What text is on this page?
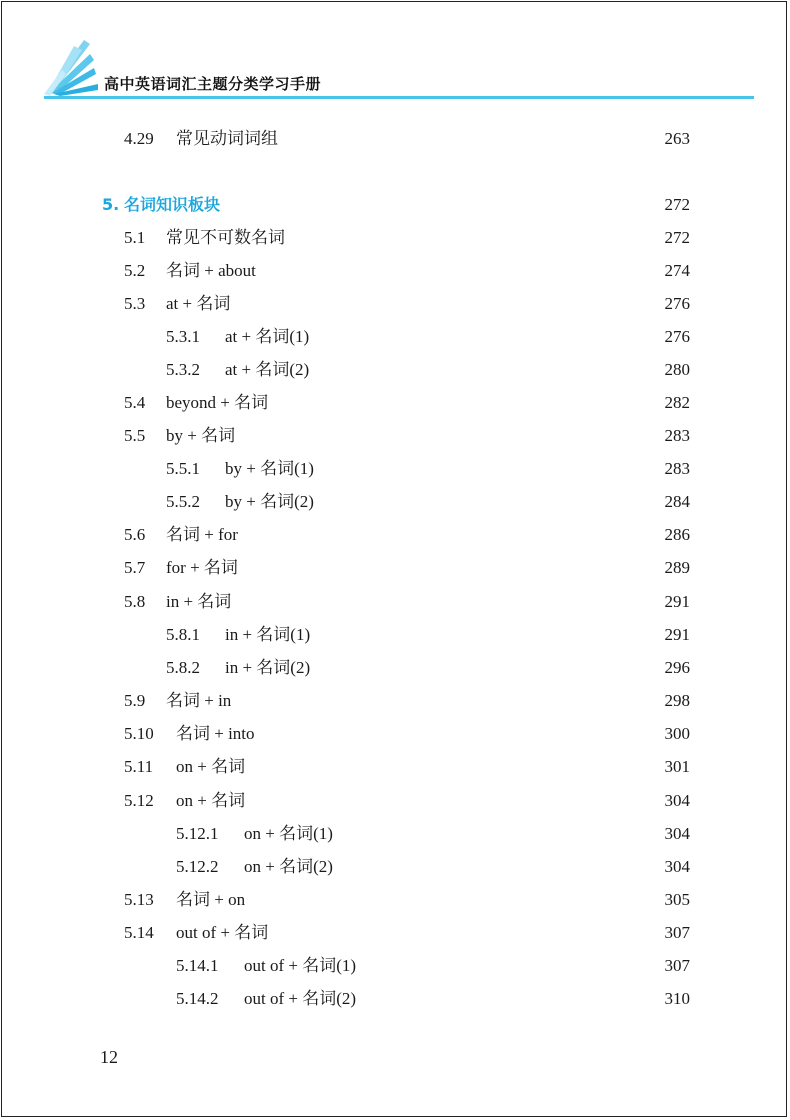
高中英语词汇主题分类学习手册
4.29 常见动词词组	263
5. 名词知识板块	272
5.1 常见不可数名词	272
5.2 名词 + about	274
5.3 at + 名词	276
5.3.1 at + 名词(1)	276
5.3.2 at + 名词(2)	280
5.4 beyond + 名词	282
5.5 by + 名词	283
5.5.1 by + 名词(1)	283
5.5.2 by + 名词(2)	284
5.6 名词 + for	286
5.7 for + 名词	289
5.8 in + 名词	291
5.8.1 in + 名词(1)	291
5.8.2 in + 名词(2)	296
5.9 名词 + in	298
5.10 名词 + into	300
5.11 on + 名词	301
5.12 on + 名词	304
5.12.1 on + 名词(1)	304
5.12.2 on + 名词(2)	304
5.13 名词 + on	305
5.14 out of + 名词	307
5.14.1 out of + 名词(1)	307
5.14.2 out of + 名词(2)	310
12
